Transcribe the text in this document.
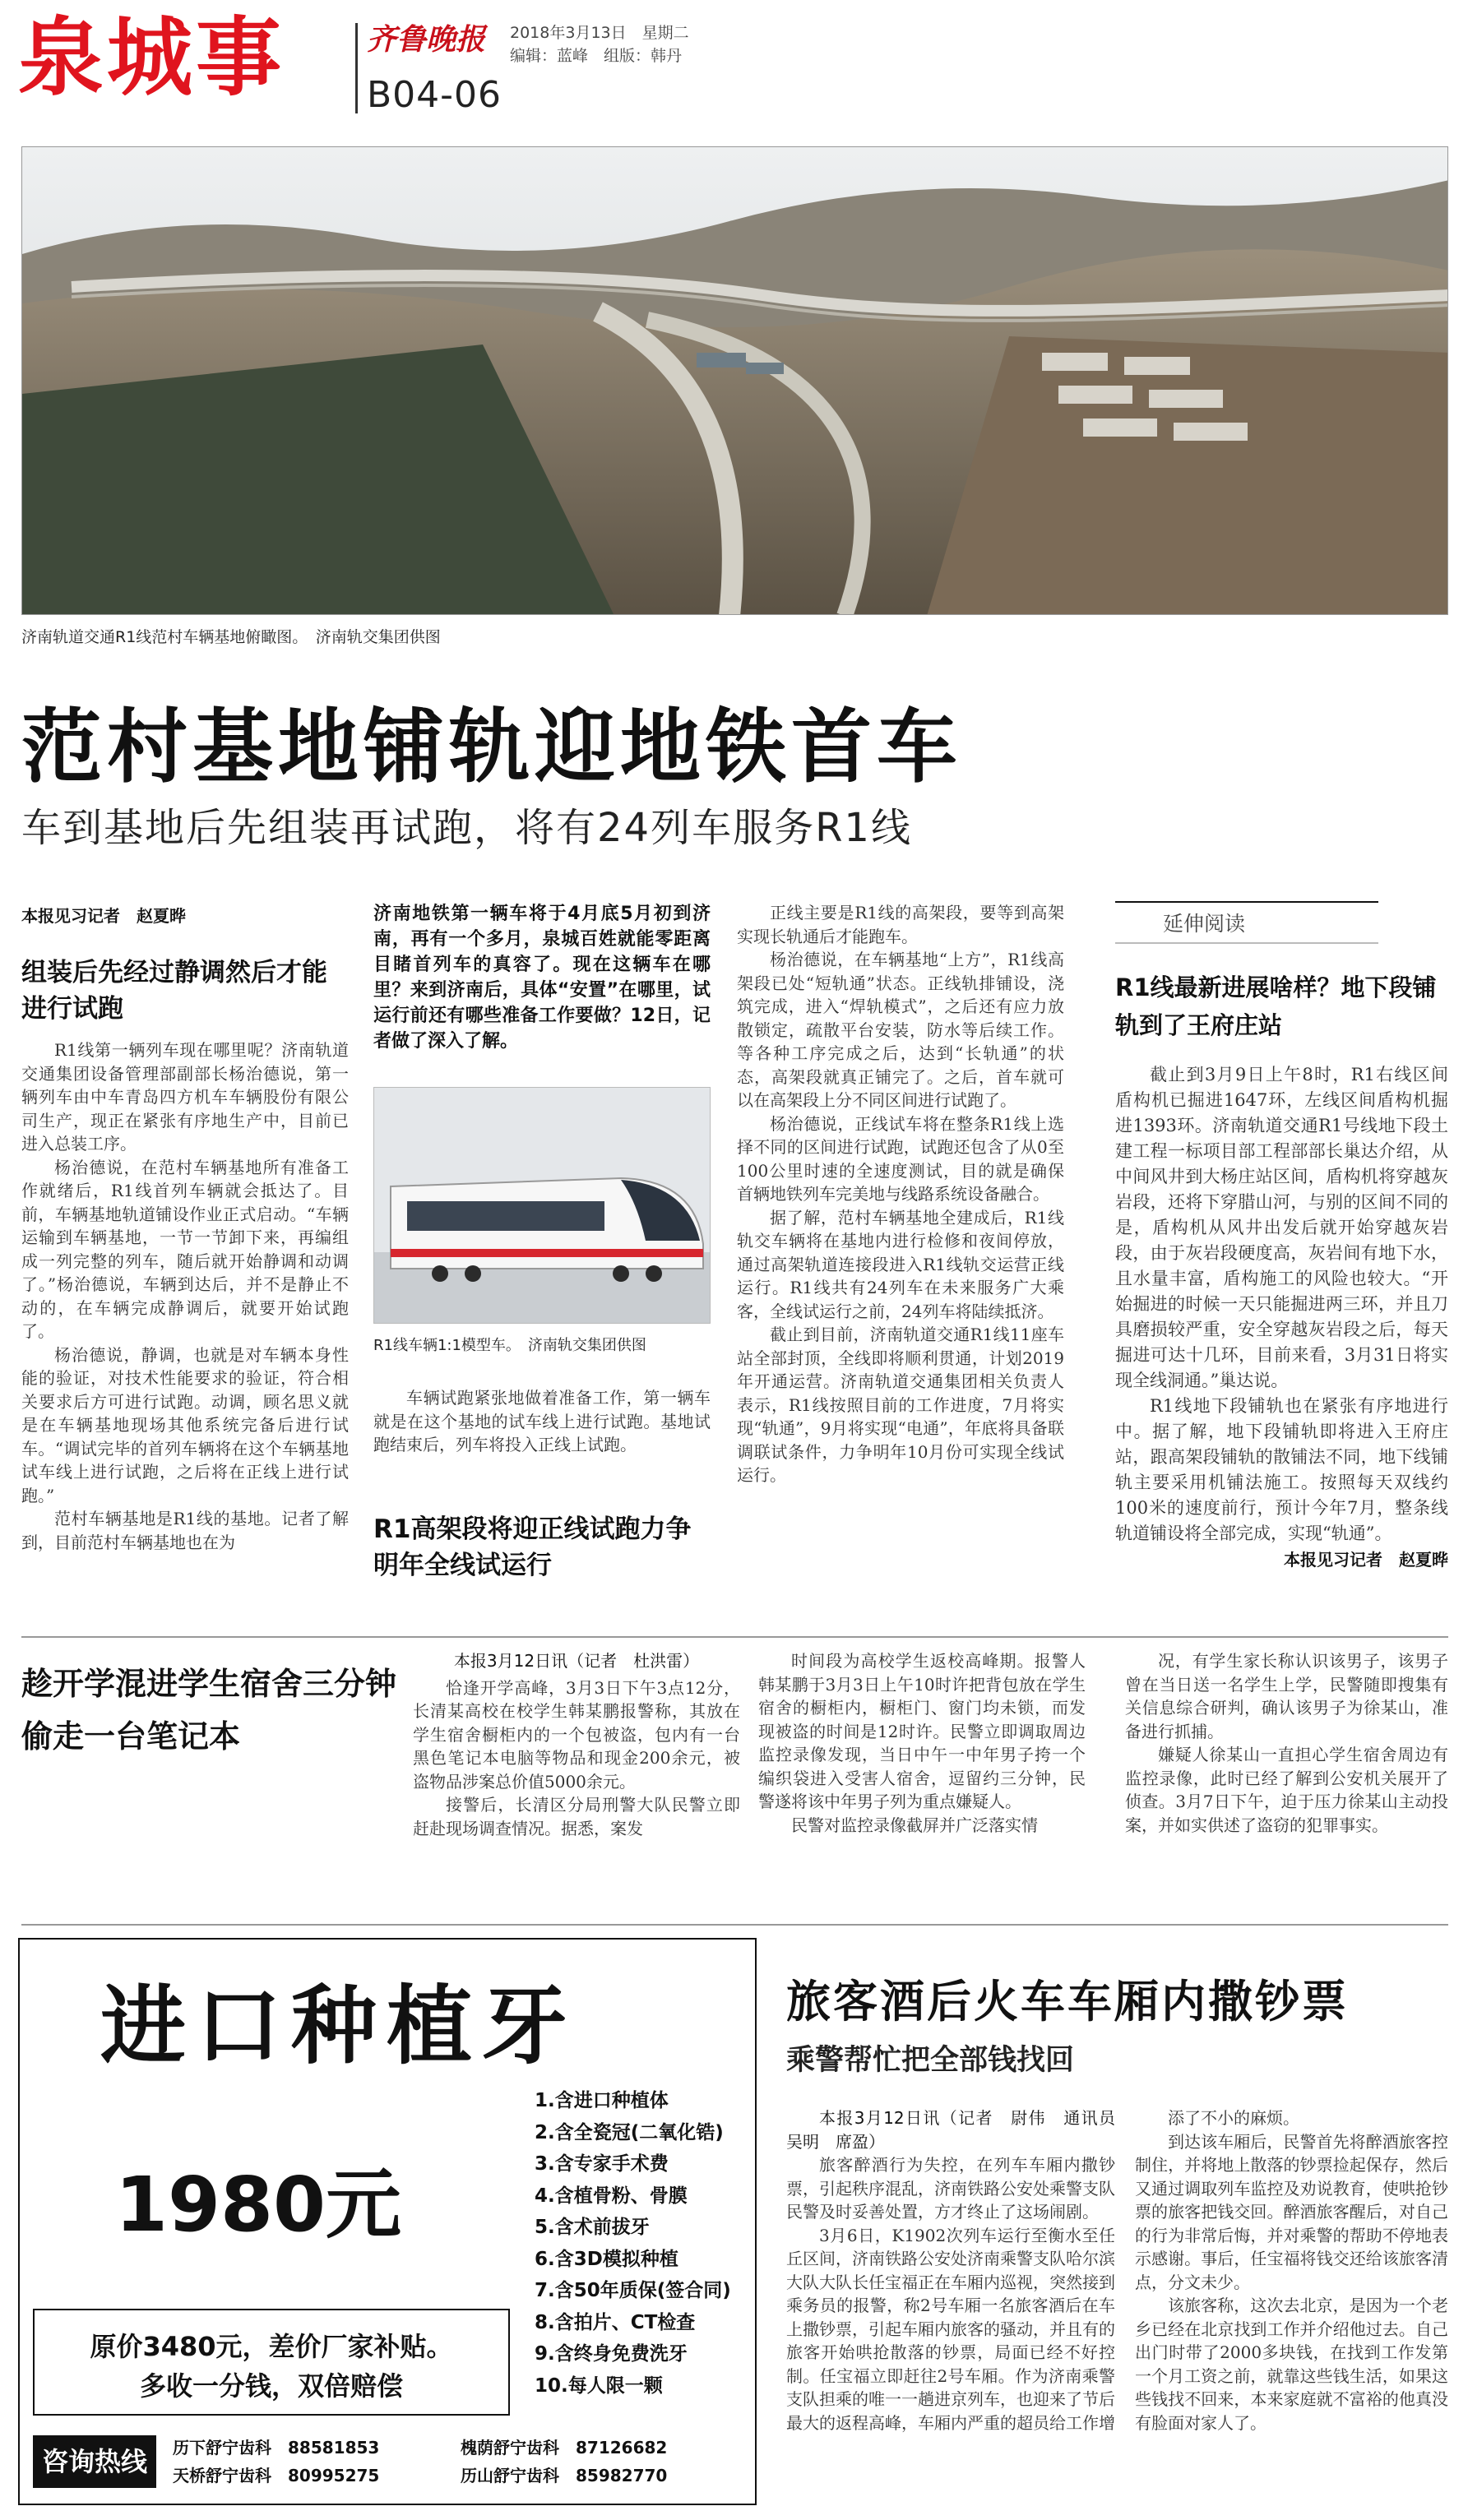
泉城事	齐鲁晚报 2018年3月13日　星期二
编辑：蓝峰　组版：韩丹
B04-06
济南轨道交通R1线范村车辆基地俯瞰图。　济南轨交集团供图
范村基地铺轨迎地铁首车
车到基地后先组装再试跑，将有24列车服务R1线
本报见习记者　赵夏晔
组装后先经过静调然后才能进行试跑

R1线第一辆列车现在哪里呢？济南轨道交通集团设备管理部副部长杨治德说，第一辆列车由中车青岛四方机车车辆股份有限公司生产，现正在紧张有序地生产中，目前已进入总装工序。

杨治德说，在范村车辆基地所有准备工作就绪后，R1线首列车辆就会抵达了。目前，车辆基地轨道铺设作业正式启动。“车辆运输到车辆基地，一节一节卸下来，再编组成一列完整的列车，随后就开始静调和动调了。”杨治德说，车辆到达后，并不是静止不动的，在车辆完成静调后，就要开始试跑了。

杨治德说，静调，也就是对车辆本身性能的验证，对技术性能要求的验证，符合相关要求后方可进行试跑。动调，顾名思义就是在车辆基地现场其他系统完备后进行试车。“调试完毕的首列车辆将在这个车辆基地试车线上进行试跑，之后将在正线上进行试跑。”

范村车辆基地是R1线的基地。记者了解到，目前范村车辆基地也在为

济南地铁第一辆车将于4月底5月初到济南，再有一个多月，泉城百姓就能零距离目睹首列车的真容了。现在这辆车在哪里？来到济南后，具体“安置”在哪里，试运行前还有哪些准备工作要做？12日，记者做了深入了解。
R1线车辆1:1模型车。　济南轨交集团供图

车辆试跑紧张地做着准备工作，第一辆车就是在这个基地的试车线上进行试跑。基地试跑结束后，列车将投入正线上试跑。

R1高架段将迎正线试跑力争明年全线试运行

正线主要是R1线的高架段，要等到高架实现长轨通后才能跑车。

杨治德说，在车辆基地“上方”，R1线高架段已处“短轨通”状态。正线轨排铺设，浇筑完成，进入“焊轨模式”，之后还有应力放散锁定，疏散平台安装，防水等后续工作。等各种工序完成之后，达到“长轨通”的状态，高架段就真正铺完了。之后，首车就可以在高架段上分不同区间进行试跑了。

杨治德说，正线试车将在整条R1线上选择不同的区间进行试跑，试跑还包含了从0至100公里时速的全速度测试，目的就是确保首辆地铁列车完美地与线路系统设备融合。

据了解，范村车辆基地全建成后，R1线轨交车辆将在基地内进行检修和夜间停放，通过高架轨道连接段进入R1线轨交运营正线运行。R1线共有24列车在未来服务广大乘客，全线试运行之前，24列车将陆续抵济。

截止到目前，济南轨道交通R1线11座车站全部封顶，全线即将顺利贯通，计划2019年开通运营。济南轨道交通集团相关负责人表示，R1线按照目前的工作进度，7月将实现“轨通”，9月将实现“电通”，年底将具备联调联试条件，力争明年10月份可实现全线试运行。

延伸阅读
R1线最新进展啥样？地下段铺轨到了王府庄站

截止到3月9日上午8时，R1右线区间盾构机已掘进1647环，左线区间盾构机掘进1393环。济南轨道交通R1号线地下段土建工程一标项目部工程部部长巢达介绍，从中间风井到大杨庄站区间，盾构机将穿越灰岩段，还将下穿腊山河，与别的区间不同的是，盾构机从风井出发后就开始穿越灰岩段，由于灰岩段硬度高，灰岩间有地下水，且水量丰富，盾构施工的风险也较大。“开始掘进的时候一天只能掘进两三环，并且刀具磨损较严重，安全穿越灰岩段之后，每天掘进可达十几环，目前来看，3月31日将实现全线洞通。”巢达说。

R1线地下段铺轨也在紧张有序地进行中。据了解，地下段铺轨即将进入王府庄站，跟高架段铺轨的散铺法不同，地下线铺轨主要采用机铺法施工。按照每天双线约100米的速度前行，预计今年7月，整条线轨道铺设将全部完成，实现“轨通”。

本报见习记者　赵夏晔
趁开学混进学生宿舍三分钟偷走一台笔记本
本报3月12日讯（记者　杜洪雷）

恰逢开学高峰，3月3日下午3点12分，长清某高校在校学生韩某鹏报警称，其放在学生宿舍橱柜内的一个包被盗，包内有一台黑色笔记本电脑等物品和现金200余元，被盗物品涉案总价值5000余元。

接警后，长清区分局刑警大队民警立即赶赴现场调查情况。据悉，案发

时间段为高校学生返校高峰期。报警人韩某鹏于3月3日上午10时许把背包放在学生宿舍的橱柜内，橱柜门、窗门均未锁，而发现被盗的时间是12时许。民警立即调取周边监控录像发现，当日中午一中年男子挎一个编织袋进入受害人宿舍，逗留约三分钟，民警遂将该中年男子列为重点嫌疑人。

民警对监控录像截屏并广泛落实情

况，有学生家长称认识该男子，该男子曾在当日送一名学生上学，民警随即搜集有关信息综合研判，确认该男子为徐某山，准备进行抓捕。

嫌疑人徐某山一直担心学生宿舍周边有监控录像，此时已经了解到公安机关展开了侦查。3月7日下午，迫于压力徐某山主动投案，并如实供述了盗窃的犯罪事实。

进口种植牙
1980元
1.含进口种植体
2.含全瓷冠(二氧化锆)
3.含专家手术费
4.含植骨粉、骨膜
5.含术前拔牙
6.含3D模拟种植
7.含50年质保(签合同)
8.含拍片、CT检查
9.含终身免费洗牙
10.每人限一颗
原价3480元，差价厂家补贴。
多收一分钱，双倍赔偿
咨询热线	历下舒宁齿科　88581853	槐荫舒宁齿科　87126682
天桥舒宁齿科　80995275	历山舒宁齿科　85982770
旅客酒后火车车厢内撒钞票
乘警帮忙把全部钱找回
本报3月12日讯（记者　尉伟　通讯员　吴明　席盈）

旅客醉酒行为失控，在列车车厢内撒钞票，引起秩序混乱，济南铁路公安处乘警支队民警及时妥善处置，方才终止了这场闹剧。

3月6日，K1902次列车运行至衡水至任丘区间，济南铁路公安处济南乘警支队哈尔滨大队大队长任宝福正在车厢内巡视，突然接到乘务员的报警，称2号车厢一名旅客酒后在车上撒钞票，引起车厢内旅客的骚动，并且有的旅客开始哄抢散落的钞票，局面已经不好控制。任宝福立即赶往2号车厢。作为济南乘警支队担乘的唯一一趟进京列车，也迎来了节后最大的返程高峰，车厢内严重的超员给工作增

添了不小的麻烦。

到达该车厢后，民警首先将醉酒旅客控制住，并将地上散落的钞票捡起保存，然后又通过调取列车监控及劝说教育，使哄抢钞票的旅客把钱交回。醉酒旅客醒后，对自己的行为非常后悔，并对乘警的帮助不停地表示感谢。事后，任宝福将钱交还给该旅客清点，分文未少。

该旅客称，这次去北京，是因为一个老乡已经在北京找到工作并介绍他过去。自己出门时带了2000多块钱，在找到工作发第一个月工资之前，就靠这些钱生活，如果这些钱找不回来，本来家庭就不富裕的他真没有脸面对家人了。
